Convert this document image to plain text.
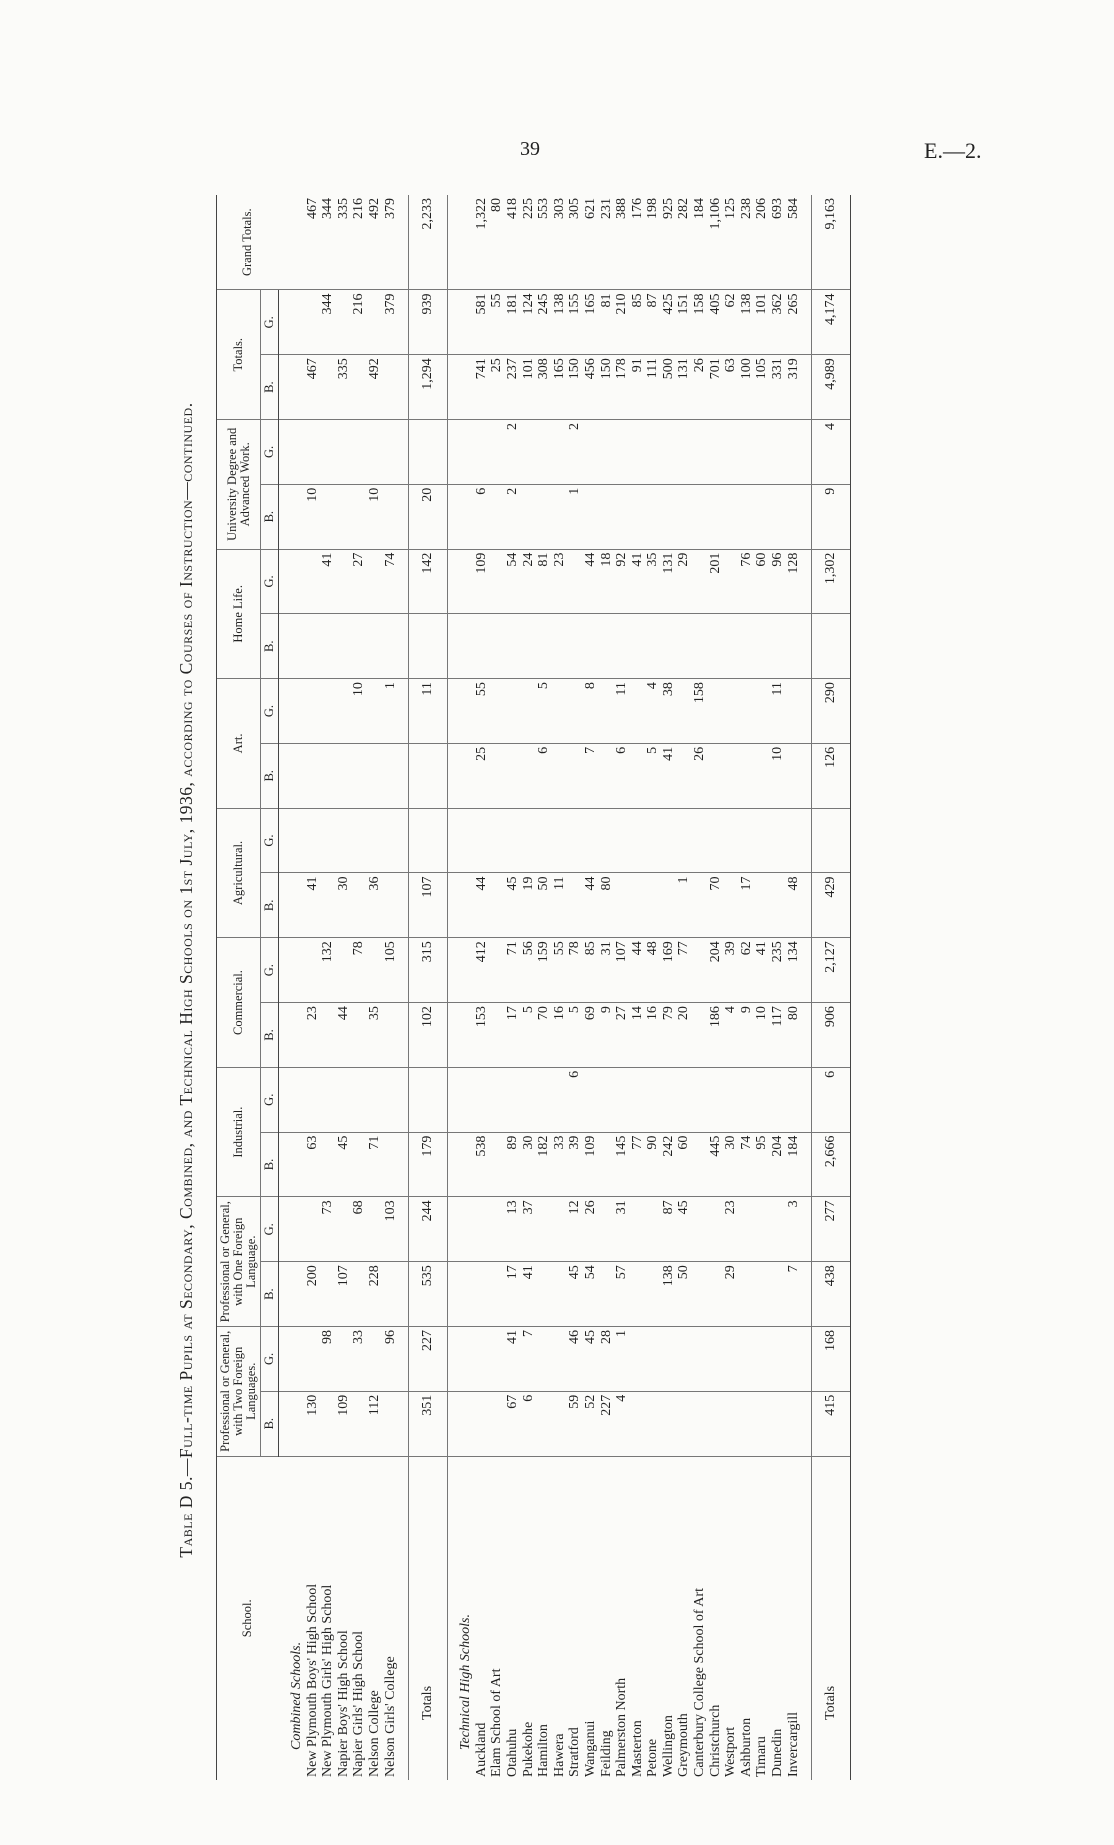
39	E.—2.
Table D 5.—Full-time Pupils at Secondary, Combined, and Technical High Schools on 1st July, 1936, according to Courses of Instruction—continued.
School.	Professional or General, with Two Foreign Languages.		Professional or General, with One Foreign Language.		Industrial.		Commercial.		Agricultural.		Art.		Home Life.		University Degree and Advanced Work.		Totals.		Grand Totals.
	B.	G.	B.	G.	B.	G.	B.	G.	B.	G.	B.	G.	B.	G.	B.	G.	B.	G.	

Combined Schools.																			
New Plymouth Boys' High School	130		200		63		23		41						10		467		467
New Plymouth Girls' High School		98		73				132						41				344	344
Napier Boys' High School	109		107		45		44		30								335		335
Napier Girls' High School		33		68				78				10		27				216	216
Nelson College	112		228		71		35		36						10		492		492
Nelson Girls' College		96		103				105				1		74				379	379

Totals	351	227	535	244	179		102	315	107			11		142	20		1,294	939	2,233

Technical High Schools.																			
Auckland					538		153	412	44		25	55		109	6		741	581	1,322
Elam School of Art																	25	55	80
Otahuhu	67	41	17	13	89		17	71	45					54	2	2	237	181	418
Pukekohe	6	7	41	37	30		5	56	19					24			101	124	225
Hamilton					182		70	159	50		6	5		81			308	245	553
Hawera					33		16	55	11					23			165	138	303
Stratford	59	46	45	12	39	6	5	78							1	2	150	155	305
Wanganui	52	45	54	26	109		69	85	44		7	8		44			456	165	621
Feilding	227	28					9	31	80					18			150	81	231
Palmerston North	4	1	57	31	145		27	107			6	11		92			178	210	388
Masterton					77		14	44						41			91	85	176
Petone					90		16	48			5	4		35			111	87	198
Wellington			138	87	242		79	169			41	38		131			500	425	925
Greymouth			50	45	60		20	77	1					29			131	151	282
Canterbury College School of Art											26	158					26	158	184
Christchurch					445		186	204	70					201			701	405	1,106
Westport			29	23	30		4	39									63	62	125
Ashburton					74		9	62	17					76			100	138	238
Timaru					95		10	41						60			105	101	206
Dunedin					204		117	235			10	11		96			331	362	693
Invercargill			7	3	184		80	134	48					128			319	265	584

Totals	415	168	438	277	2,666	6	906	2,127	429		126	290		1,302	9	4	4,989	4,174	9,163
